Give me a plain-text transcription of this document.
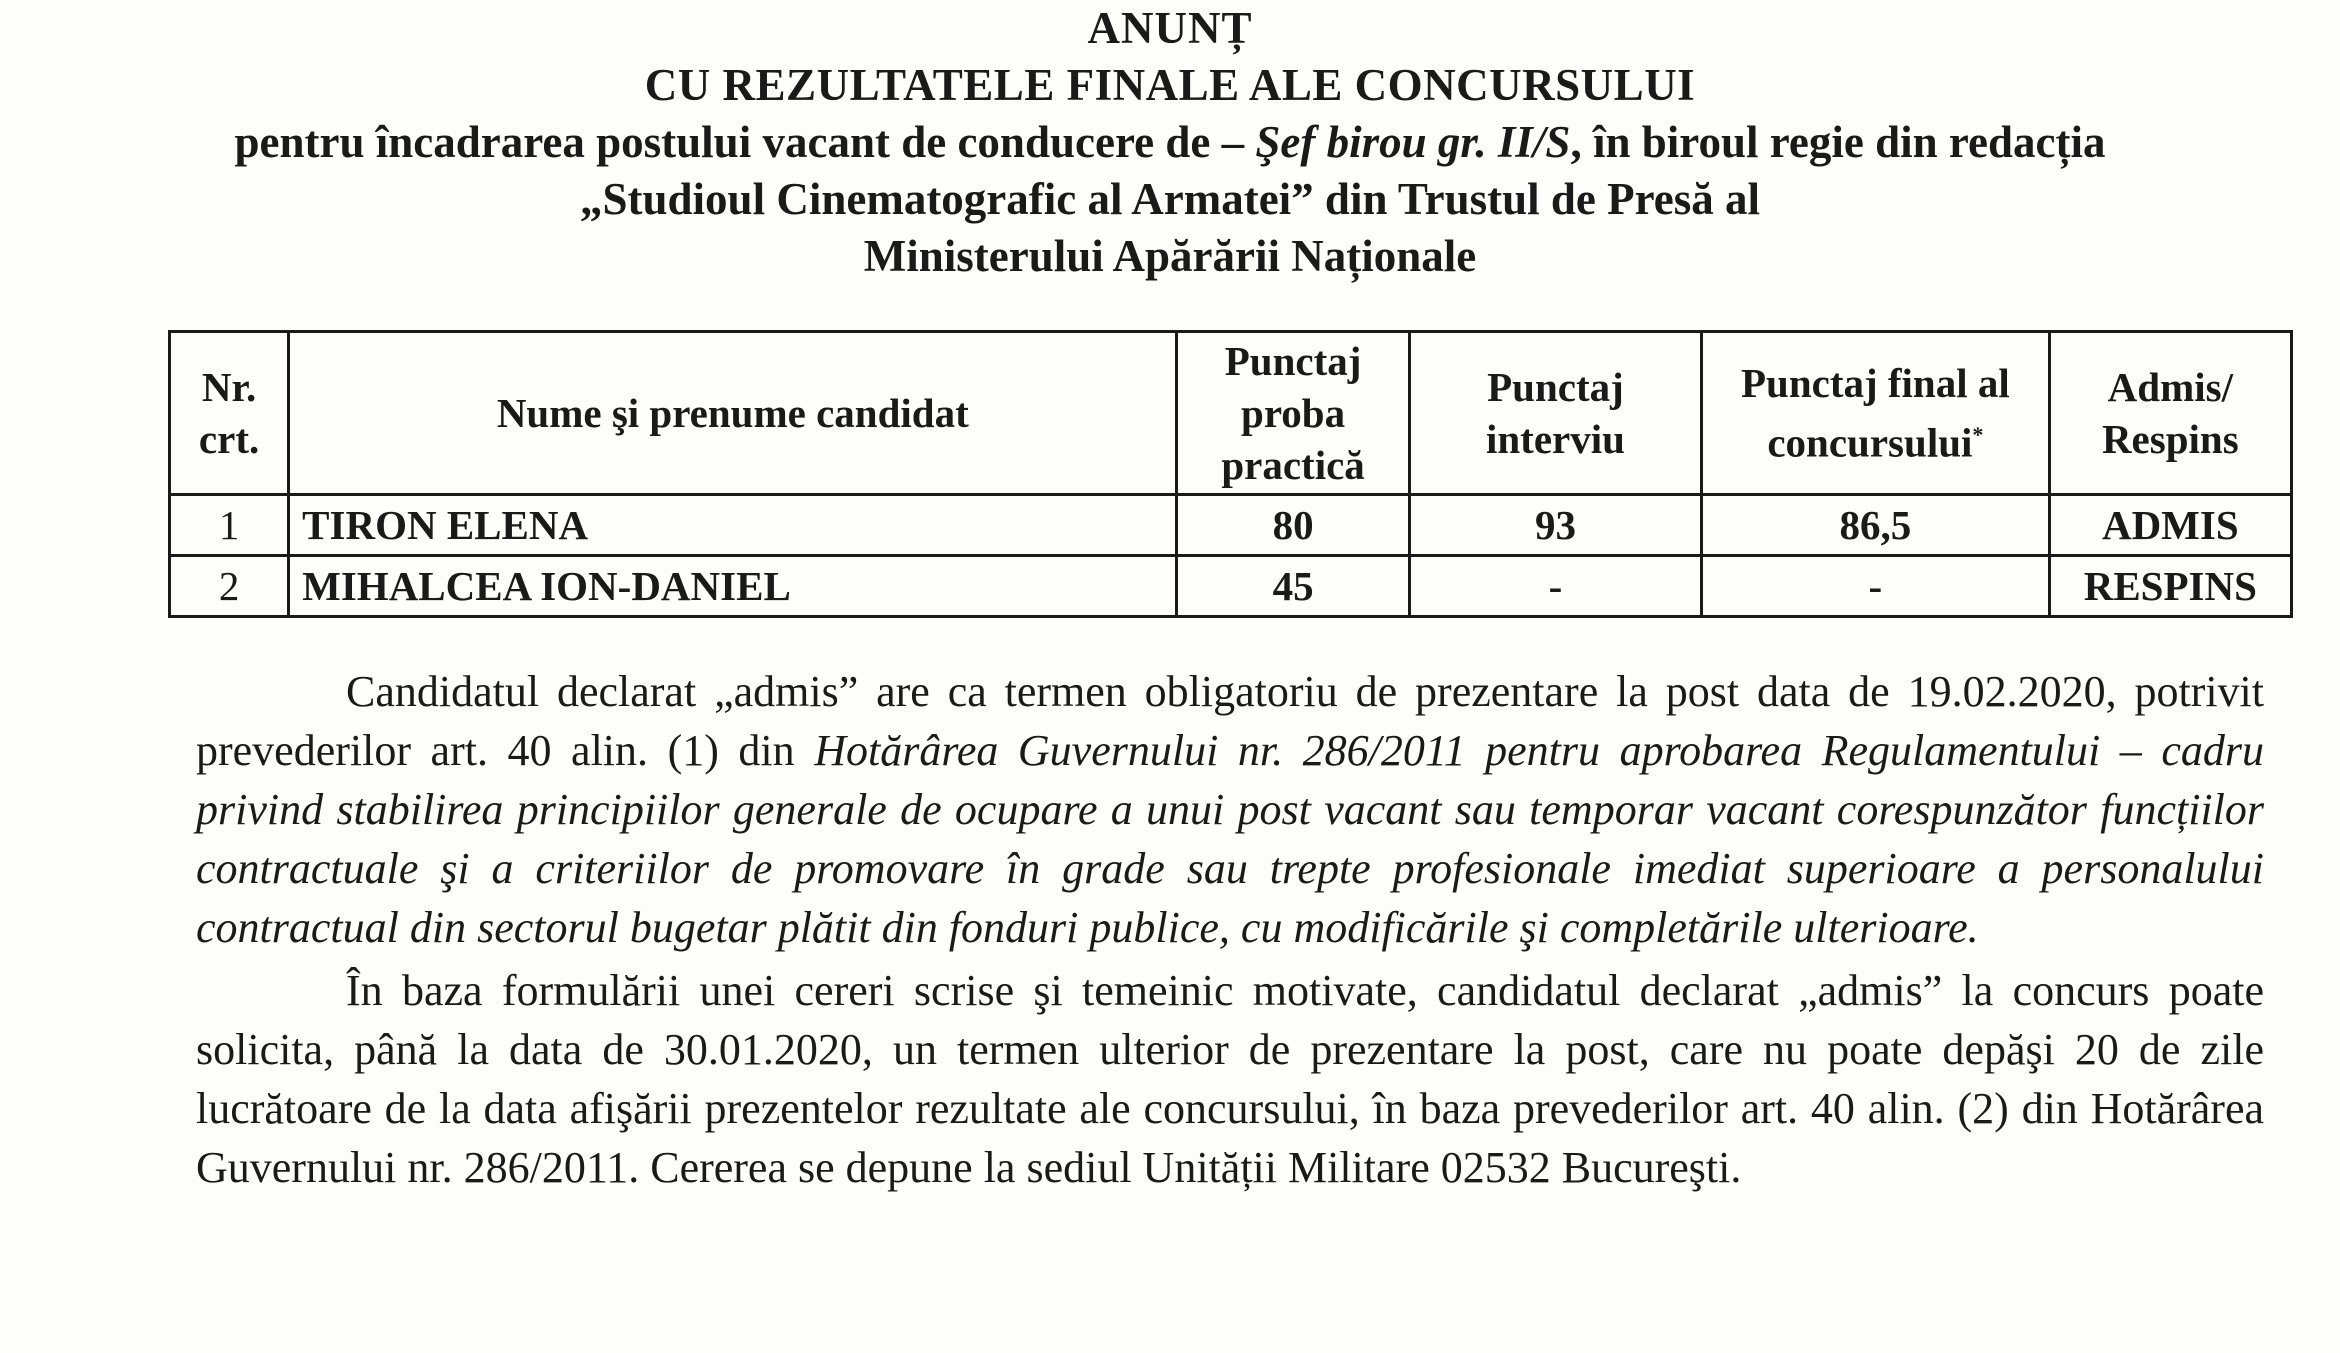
ANUNȚ
CU REZULTATELE FINALE ALE CONCURSULUI
pentru încadrarea postului vacant de conducere de – Şef birou gr. II/S, în biroul regie din redacția
„Studioul Cinematografic al Armatei” din Trustul de Presă al
Ministerului Apărării Naționale
Nr. crt.	Nume şi prenume candidat	Punctaj proba practică	Punctaj interviu	Punctaj final al concursului*	Admis/ Respins
1	TIRON ELENA	80	93	86,5	ADMIS
2	MIHALCEA ION-DANIEL	45	-	-	RESPINS

Candidatul declarat „admis” are ca termen obligatoriu de prezentare la post data de 19.02.2020, potrivit prevederilor art. 40 alin. (1) din Hotărârea Guvernului nr. 286/2011 pentru aprobarea Regulamentului – cadru privind stabilirea principiilor generale de ocupare a unui post vacant sau temporar vacant corespunzător funcțiilor contractuale şi a criteriilor de promovare în grade sau trepte profesionale imediat superioare a personalului contractual din sectorul bugetar plătit din fonduri publice, cu modificările şi completările ulterioare.

În baza formulării unei cereri scrise şi temeinic motivate, candidatul declarat „admis” la concurs poate solicita, până la data de 30.01.2020, un termen ulterior de prezentare la post, care nu poate depăşi 20 de zile lucrătoare de la data afişării prezentelor rezultate ale concursului, în baza prevederilor art. 40 alin. (2) din Hotărârea Guvernului nr. 286/2011. Cererea se depune la sediul Unității Militare 02532 Bucureşti.
